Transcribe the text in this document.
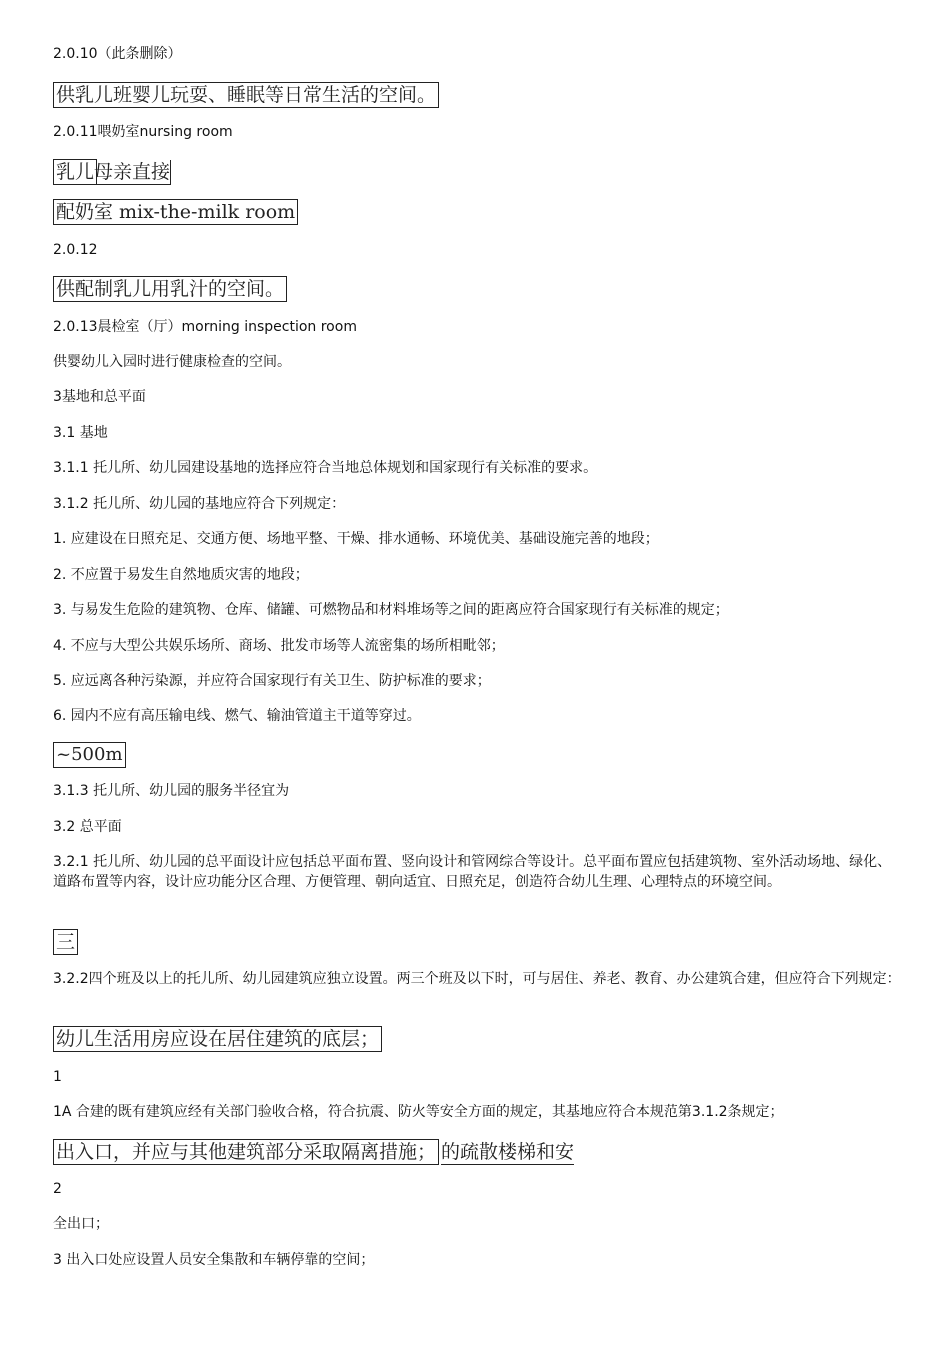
2.0.10（此条删除）
供乳儿班婴儿玩耍、睡眠等日常生活的空间。
2.0.11喂奶室nursing room
乳儿 母亲直接
配奶室 mix-the-milk room
2.0.12
供配制乳儿用乳汁的空间。
2.0.13晨检室（厅）morning inspection room
供婴幼儿入园时进行健康检查的空间。
3基地和总平面
3.1 基地
3.1.1 托儿所、幼儿园建设基地的选择应符合当地总体规划和国家现行有关标准的要求。
3.1.2 托儿所、幼儿园的基地应符合下列规定：
1. 应建设在日照充足、交通方便、场地平整、干燥、排水通畅、环境优美、基础设施完善的地段；
2. 不应置于易发生自然地质灾害的地段；
3. 与易发生危险的建筑物、仓库、储罐、可燃物品和材料堆场等之间的距离应符合国家现行有关标准的规定；
4. 不应与大型公共娱乐场所、商场、批发市场等人流密集的场所相毗邻；
5. 应远离各种污染源，并应符合国家现行有关卫生、防护标准的要求；
6. 园内不应有高压输电线、燃气、输油管道主干道等穿过。
~500m
3.1.3 托儿所、幼儿园的服务半径宜为
3.2 总平面
3.2.1 托儿所、幼儿园的总平面设计应包括总平面布置、竖向设计和管网综合等设计。总平面布置应包括建筑物、室外活动场地、绿化、道路布置等内容，设计应功能分区合理、方便管理、朝向适宜、日照充足，创造符合幼儿生理、心理特点的环境空间。
三
3.2.2四个班及以上的托儿所、幼儿园建筑应独立设置。两三个班及以下时，可与居住、养老、教育、办公建筑合建，但应符合下列规定：
幼儿生活用房应设在居住建筑的底层；
1
1A 合建的既有建筑应经有关部门验收合格，符合抗震、防火等安全方面的规定，其基地应符合本规范第3.1.2条规定；
出入口，并应与其他建筑部分采取隔离措施； 的疏散楼梯和安
2
全出口；
3 出入口处应设置人员安全集散和车辆停靠的空间；
